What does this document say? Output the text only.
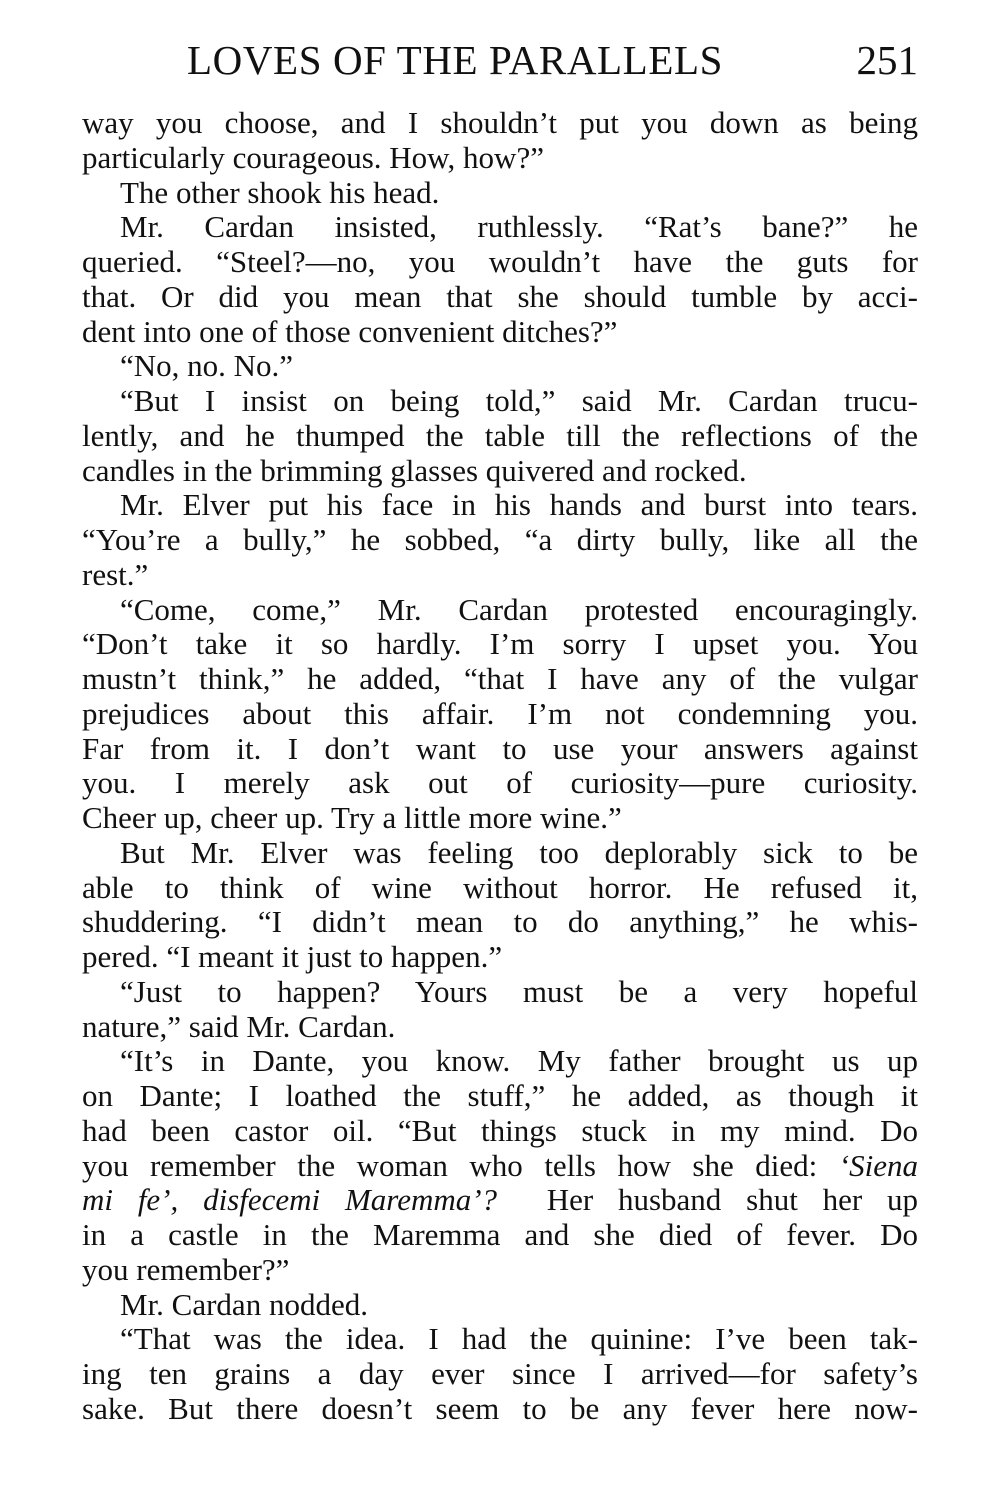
LOVES OF THE PARALLELS	251
way you choose, and I shouldn’t put you down as being
particularly courageous. How, how?”
The other shook his head.
Mr. Cardan insisted, ruthlessly. “Rat’s bane?” he
queried. “Steel?—no, you wouldn’t have the guts for
that. Or did you mean that she should tumble by acci-
dent into one of those convenient ditches?”
“No, no. No.”
“But I insist on being told,” said Mr. Cardan trucu-
lently, and he thumped the table till the reflections of the
candles in the brimming glasses quivered and rocked.
Mr. Elver put his face in his hands and burst into tears.
“You’re a bully,” he sobbed, “a dirty bully, like all the
rest.”
“Come, come,” Mr. Cardan protested encouragingly.
“Don’t take it so hardly. I’m sorry I upset you. You
mustn’t think,” he added, “that I have any of the vulgar
prejudices about this affair. I’m not condemning you.
Far from it. I don’t want to use your answers against
you. I merely ask out of curiosity—pure curiosity.
Cheer up, cheer up. Try a little more wine.”
But Mr. Elver was feeling too deplorably sick to be
able to think of wine without horror. He refused it,
shuddering. “I didn’t mean to do anything,” he whis-
pered. “I meant it just to happen.”
“Just to happen? Yours must be a very hopeful
nature,” said Mr. Cardan.
“It’s in Dante, you know. My father brought us up
on Dante; I loathed the stuff,” he added, as though it
had been castor oil. “But things stuck in my mind. Do
you remember the woman who tells how she died: ‘Siena
mi fe’, disfecemi Maremma’? Her husband shut her up
in a castle in the Maremma and she died of fever. Do
you remember?”
Mr. Cardan nodded.
“That was the idea. I had the quinine: I’ve been tak-
ing ten grains a day ever since I arrived—for safety’s
sake. But there doesn’t seem to be any fever here now-
